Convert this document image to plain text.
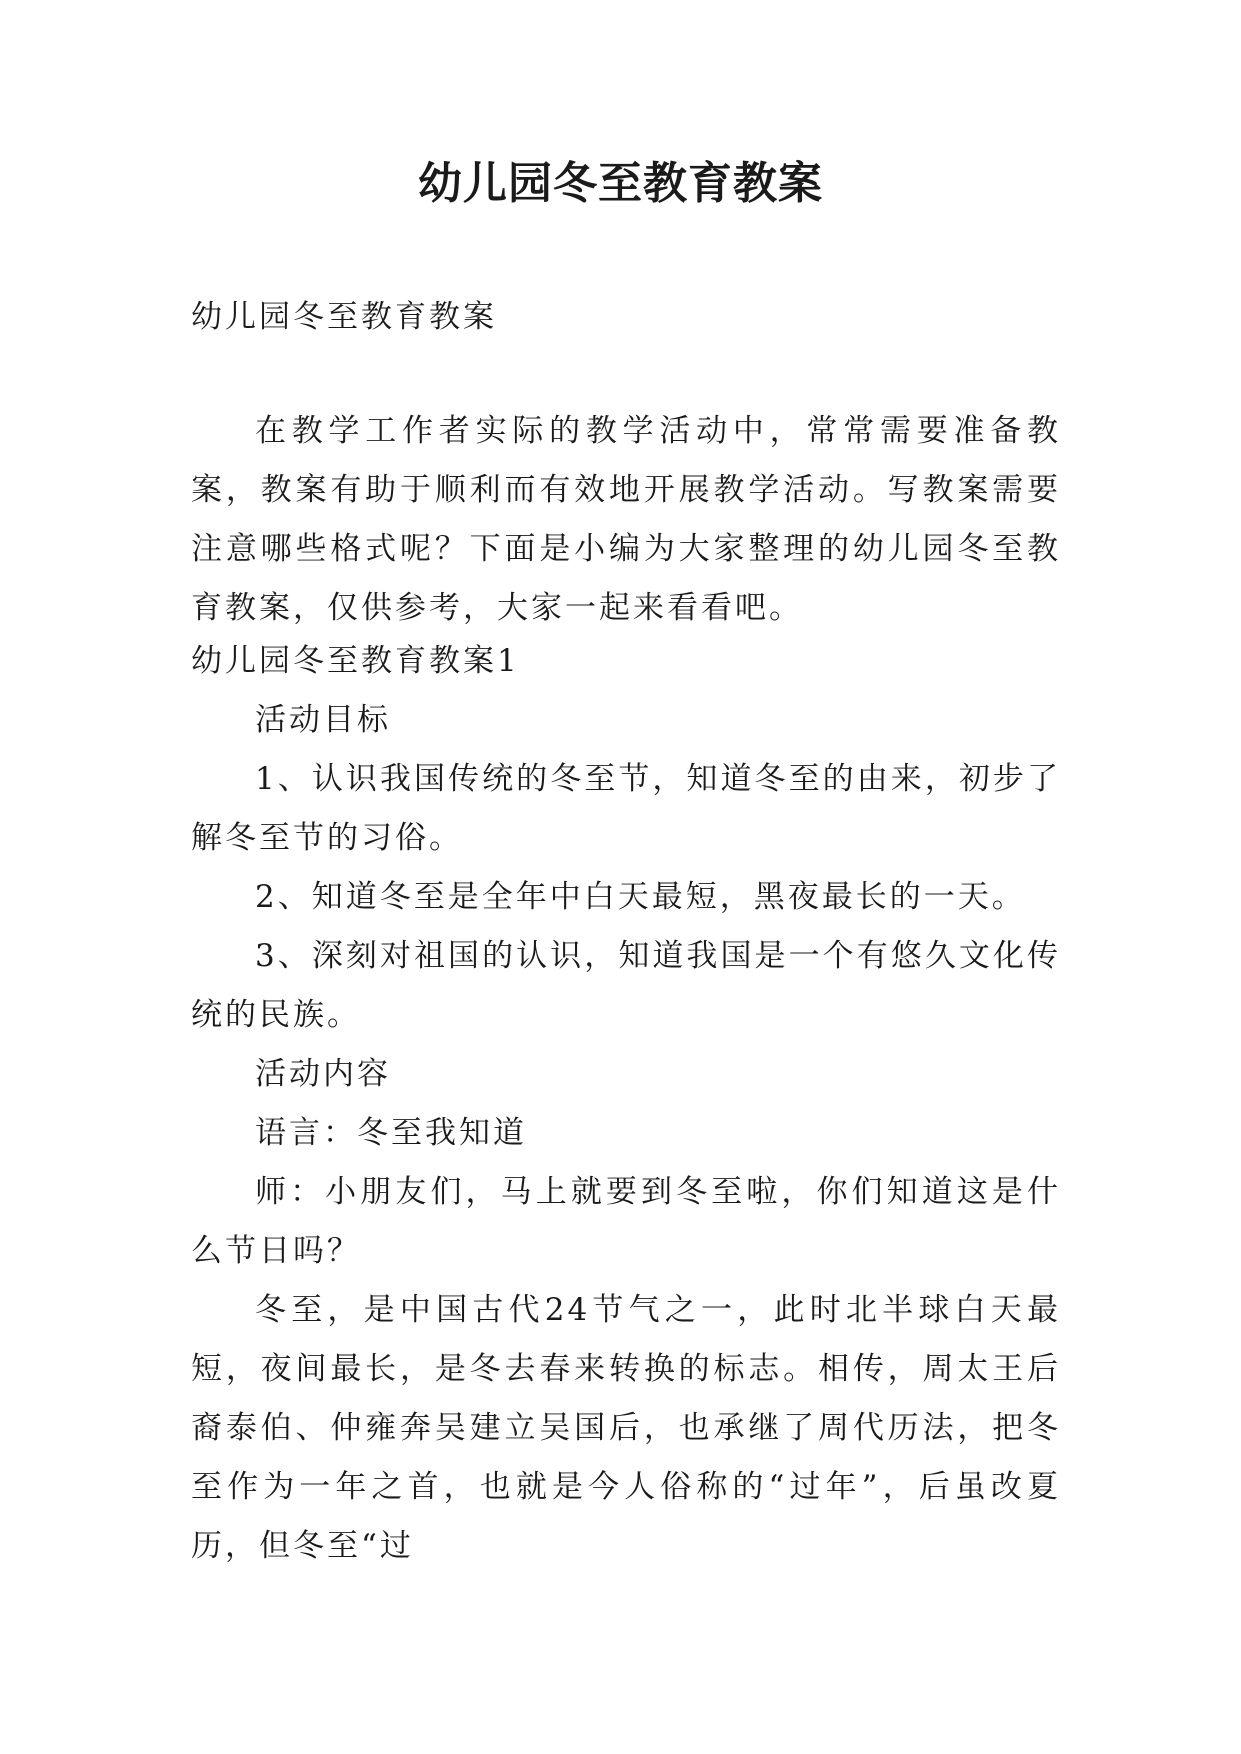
幼儿园冬至教育教案

幼儿园冬至教育教案

在教学工作者实际的教学活动中，常常需要准备教案，教案有助于顺利而有效地开展教学活动。写教案需要注意哪些格式呢？下面是小编为大家整理的幼儿园冬至教育教案，仅供参考，大家一起来看看吧。

幼儿园冬至教育教案1

活动目标

1、认识我国传统的冬至节，知道冬至的由来，初步了解冬至节的习俗。

2、知道冬至是全年中白天最短，黑夜最长的一天。

3、深刻对祖国的认识，知道我国是一个有悠久文化传统的民族。

活动内容

语言：冬至我知道

师：小朋友们，马上就要到冬至啦，你们知道这是什么节日吗？

冬至，是中国古代24节气之一，此时北半球白天最短，夜间最长，是冬去春来转换的标志。相传，周太王后裔泰伯、仲雍奔吴建立吴国后，也承继了周代历法，把冬至作为一年之首，也就是今人俗称的“过年”，后虽改夏历，但冬至“过
